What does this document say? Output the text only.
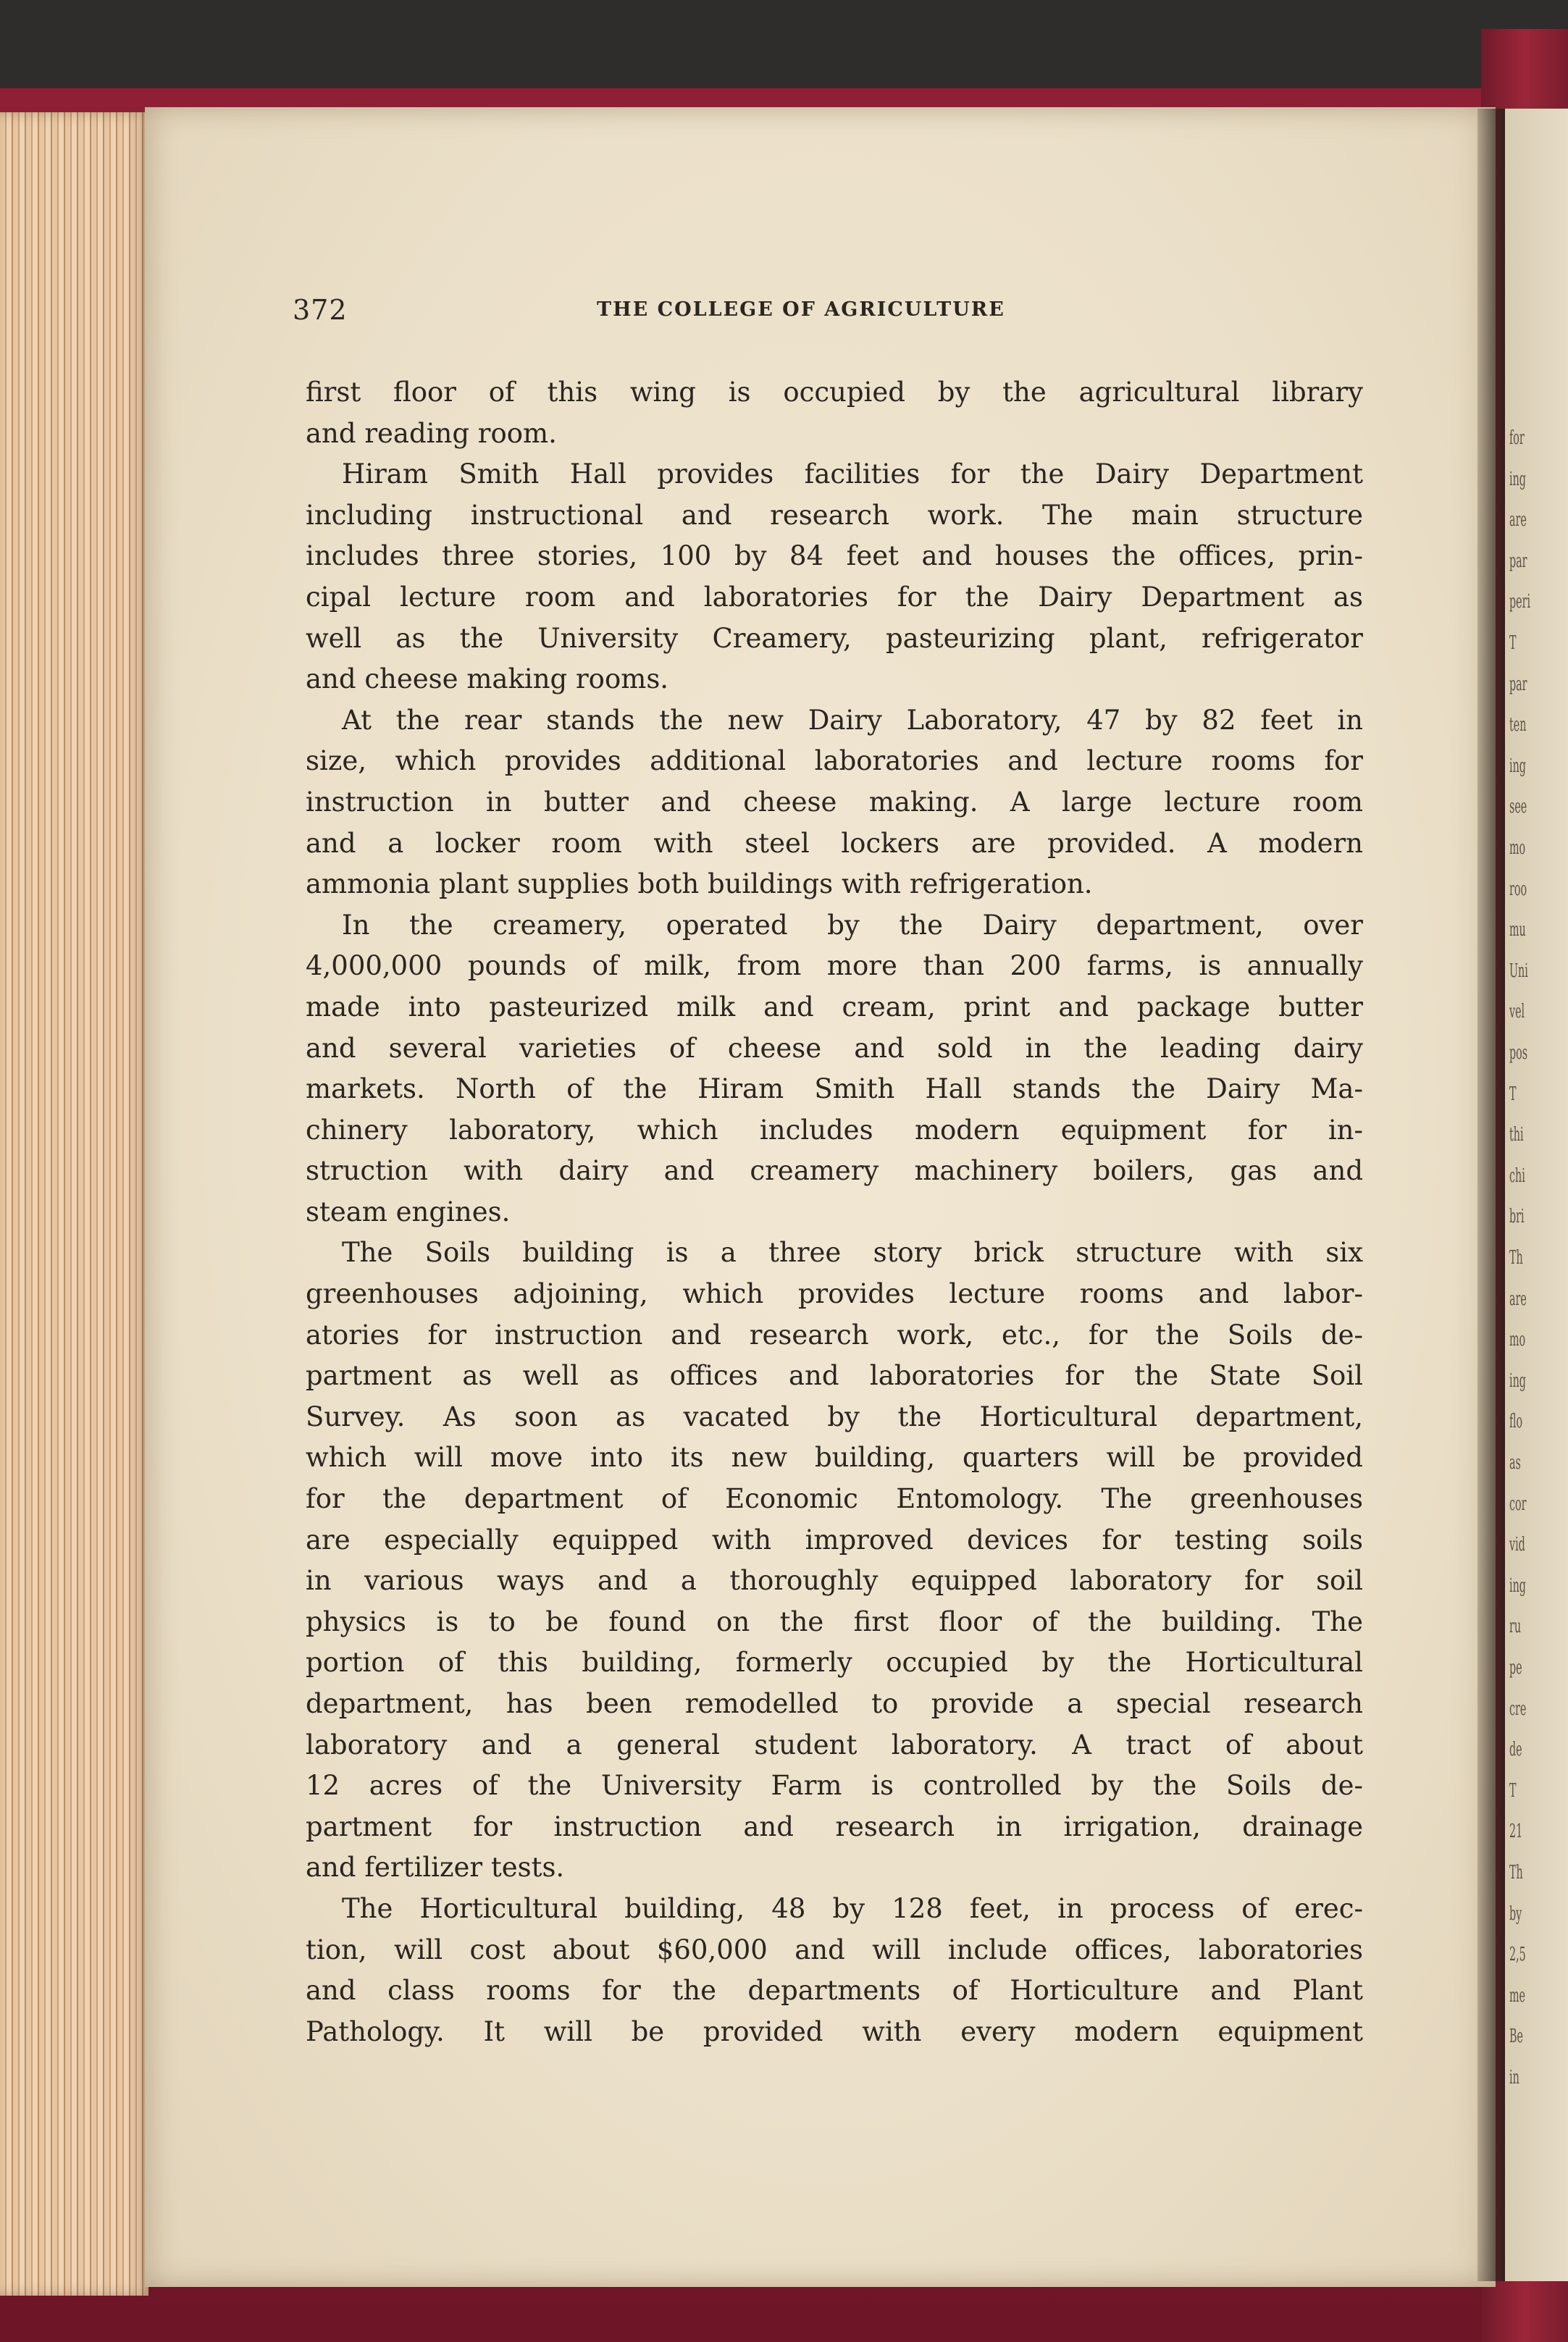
for
ing
are
par
peri
T
par
ten
ing
see
mo
roo
mu
Uni
vel
pos
T
thi
chi
bri
Th
are
mo
ing
flo
as
cor
vid
ing
ru
pe
cre
de
T
21
Th
by
2,5
me
Be
in
372	THE COLLEGE OF AGRICULTURE
first floor of this wing is occupied by the agricultural library
and reading room.
Hiram Smith Hall provides facilities for the Dairy Department
including instructional and research work. The main structure
includes three stories, 100 by 84 feet and houses the offices, prin-
cipal lecture room and laboratories for the Dairy Department as
well as the University Creamery, pasteurizing plant, refrigerator
and cheese making rooms.
At the rear stands the new Dairy Laboratory, 47 by 82 feet in
size, which provides additional laboratories and lecture rooms for
instruction in butter and cheese making. A large lecture room
and a locker room with steel lockers are provided. A modern
ammonia plant supplies both buildings with refrigeration.
In the creamery, operated by the Dairy department, over
4,000,000 pounds of milk, from more than 200 farms, is annually
made into pasteurized milk and cream, print and package butter
and several varieties of cheese and sold in the leading dairy
markets. North of the Hiram Smith Hall stands the Dairy Ma-
chinery laboratory, which includes modern equipment for in-
struction with dairy and creamery machinery boilers, gas and
steam engines.
The Soils building is a three story brick structure with six
greenhouses adjoining, which provides lecture rooms and labor-
atories for instruction and research work, etc., for the Soils de-
partment as well as offices and laboratories for the State Soil
Survey. As soon as vacated by the Horticultural department,
which will move into its new building, quarters will be provided
for the department of Economic Entomology. The greenhouses
are especially equipped with improved devices for testing soils
in various ways and a thoroughly equipped laboratory for soil
physics is to be found on the first floor of the building. The
portion of this building, formerly occupied by the Horticultural
department, has been remodelled to provide a special research
laboratory and a general student laboratory. A tract of about
12 acres of the University Farm is controlled by the Soils de-
partment for instruction and research in irrigation, drainage
and fertilizer tests.
The Horticultural building, 48 by 128 feet, in process of erec-
tion, will cost about $60,000 and will include offices, laboratories
and class rooms for the departments of Horticulture and Plant
Pathology. It will be provided with every modern equipment
